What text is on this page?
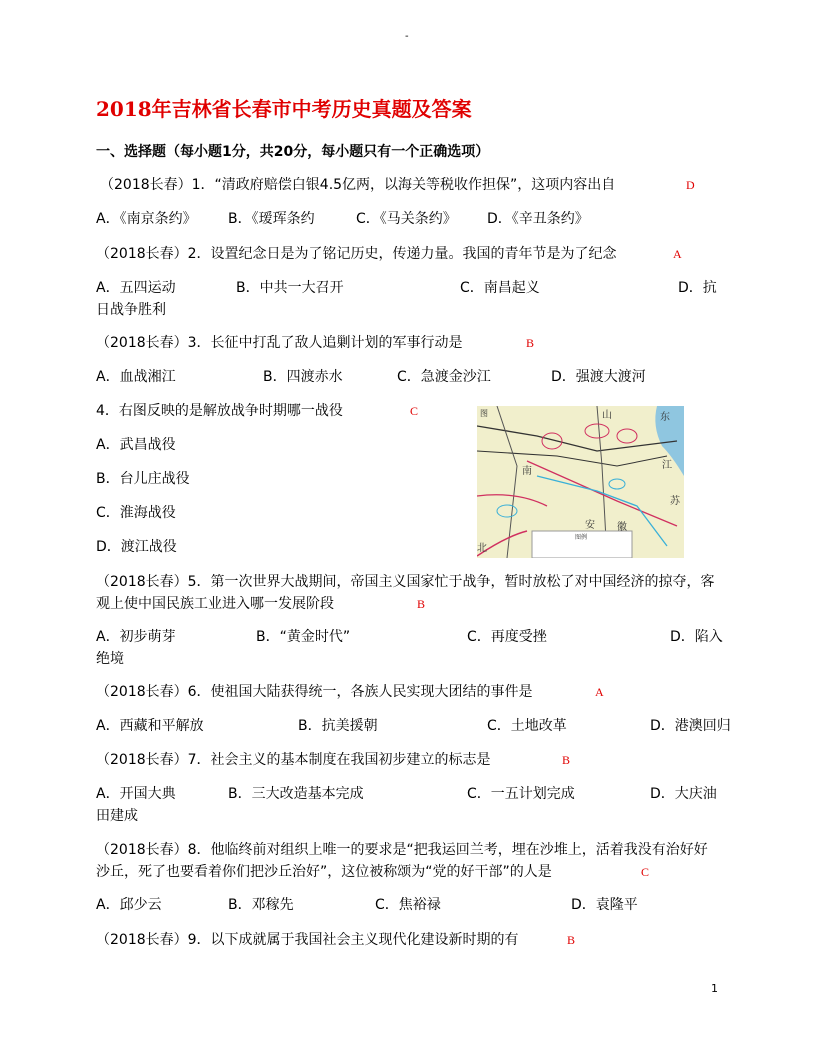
-
2018年吉林省长春市中考历史真题及答案
一、选择题（每小题1分，共20分，每小题只有一个正确选项）
（2018长春）1．“清政府赔偿白银4.5亿两，以海关等税收作担保”，这项内容出自	D
A．《南京条约》 B．《瑷珲条约	C．《马关条约》 D．《辛丑条约》
（2018长春）2．设置纪念日是为了铭记历史，传递力量。我国的青年节是为了纪念	A
A．五四运动	B．中共一大召开	C．南昌起义	D．抗
日战争胜利
（2018长春）3．长征中打乱了敌人追剿计划的军事行动是	B
A．血战湘江	B．四渡赤水	C．急渡金沙江	D．强渡大渡河
4．右图反映的是解放战争时期哪一战役	C
A．武昌战役
B．台儿庄战役
C．淮海战役
D．渡江战役
图	山	东
南
江
苏
安 徽
北
图例
（2018长春）5．第一次世界大战期间，帝国主义国家忙于战争，暂时放松了对中国经济的掠夺，客
观上使中国民族工业进入哪一发展阶段	B
A．初步萌芽	B．“黄金时代”	C．再度受挫	D．陷入
绝境
（2018长春）6．使祖国大陆获得统一，各族人民实现大团结的事件是	A
A．西藏和平解放	B．抗美援朝	C．土地改革	D．港澳回归
（2018长春）7．社会主义的基本制度在我国初步建立的标志是	B
A．开国大典	B．三大改造基本完成	C．一五计划完成	D．大庆油
田建成
（2018长春）8．他临终前对组织上唯一的要求是“把我运回兰考，埋在沙堆上，活着我没有治好好
沙丘，死了也要看着你们把沙丘治好”，这位被称颂为“党的好干部”的人是	C
A．邱少云	B．邓稼先	C．焦裕禄	D．袁隆平
（2018长春）9．以下成就属于我国社会主义现代化建设新时期的有	B
1
